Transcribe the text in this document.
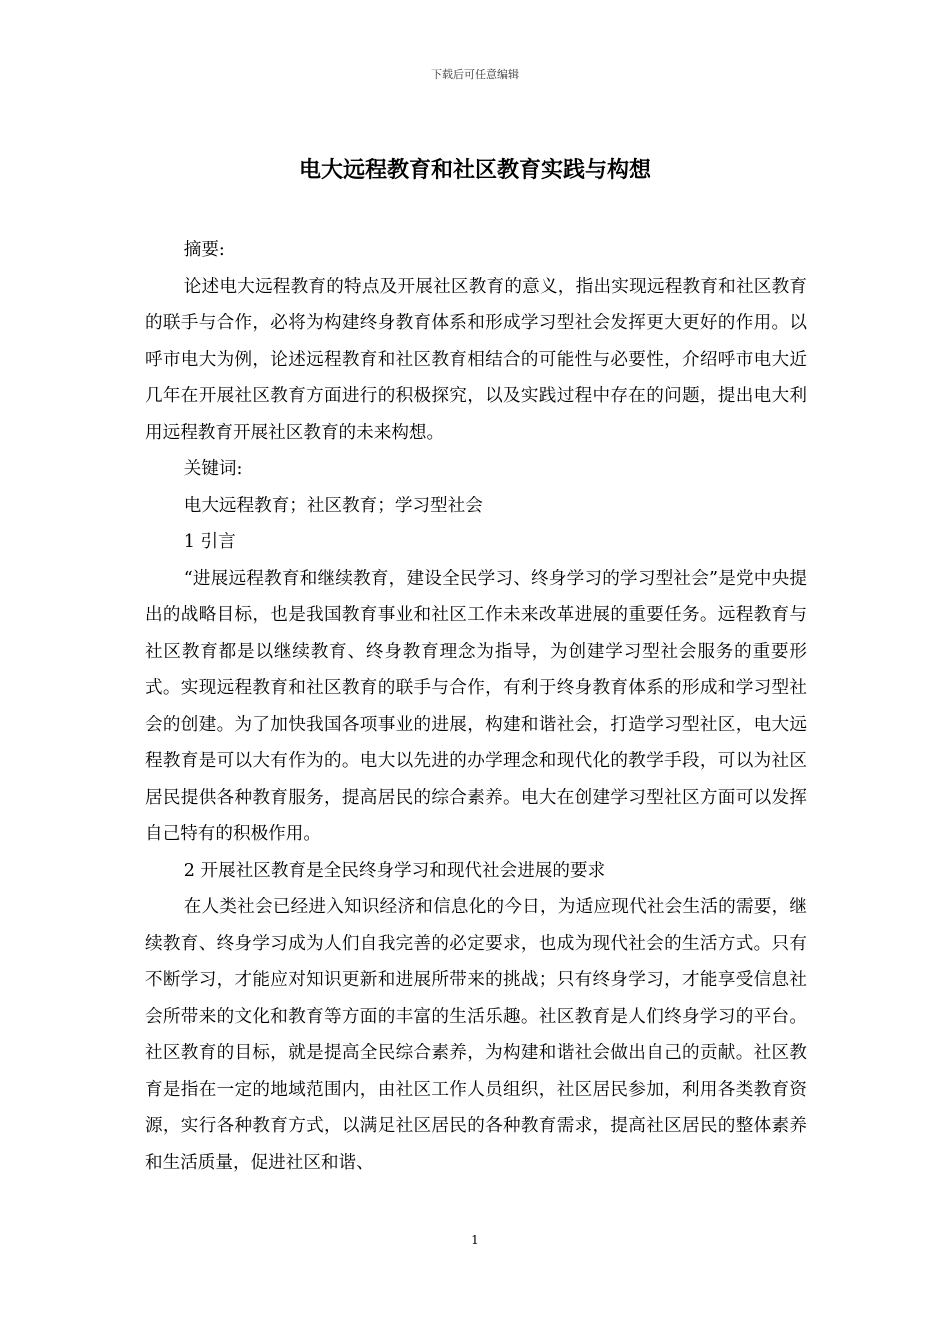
下载后可任意编辑
电大远程教育和社区教育实践与构想

摘要:

论述电大远程教育的特点及开展社区教育的意义，指出实现远程教育和社区教育的联手与合作，必将为构建终身教育体系和形成学习型社会发挥更大更好的作用。以呼市电大为例，论述远程教育和社区教育相结合的可能性与必要性，介绍呼市电大近几年在开展社区教育方面进行的积极探究，以及实践过程中存在的问题，提出电大利用远程教育开展社区教育的未来构想。

关键词:

电大远程教育；社区教育；学习型社会

1 引言

“进展远程教育和继续教育，建设全民学习、终身学习的学习型社会”是党中央提出的战略目标，也是我国教育事业和社区工作未来改革进展的重要任务。远程教育与社区教育都是以继续教育、终身教育理念为指导，为创建学习型社会服务的重要形式。实现远程教育和社区教育的联手与合作，有利于终身教育体系的形成和学习型社会的创建。为了加快我国各项事业的进展，构建和谐社会，打造学习型社区，电大远程教育是可以大有作为的。电大以先进的办学理念和现代化的教学手段，可以为社区居民提供各种教育服务，提高居民的综合素养。电大在创建学习型社区方面可以发挥自己特有的积极作用。

2 开展社区教育是全民终身学习和现代社会进展的要求

在人类社会已经进入知识经济和信息化的今日，为适应现代社会生活的需要，继续教育、终身学习成为人们自我完善的必定要求，也成为现代社会的生活方式。只有不断学习，才能应对知识更新和进展所带来的挑战；只有终身学习，才能享受信息社会所带来的文化和教育等方面的丰富的生活乐趣。社区教育是人们终身学习的平台。社区教育的目标，就是提高全民综合素养，为构建和谐社会做出自己的贡献。社区教育是指在一定的地域范围内，由社区工作人员组织，社区居民参加，利用各类教育资源，实行各种教育方式，以满足社区居民的各种教育需求，提高社区居民的整体素养和生活质量，促进社区和谐、

1
